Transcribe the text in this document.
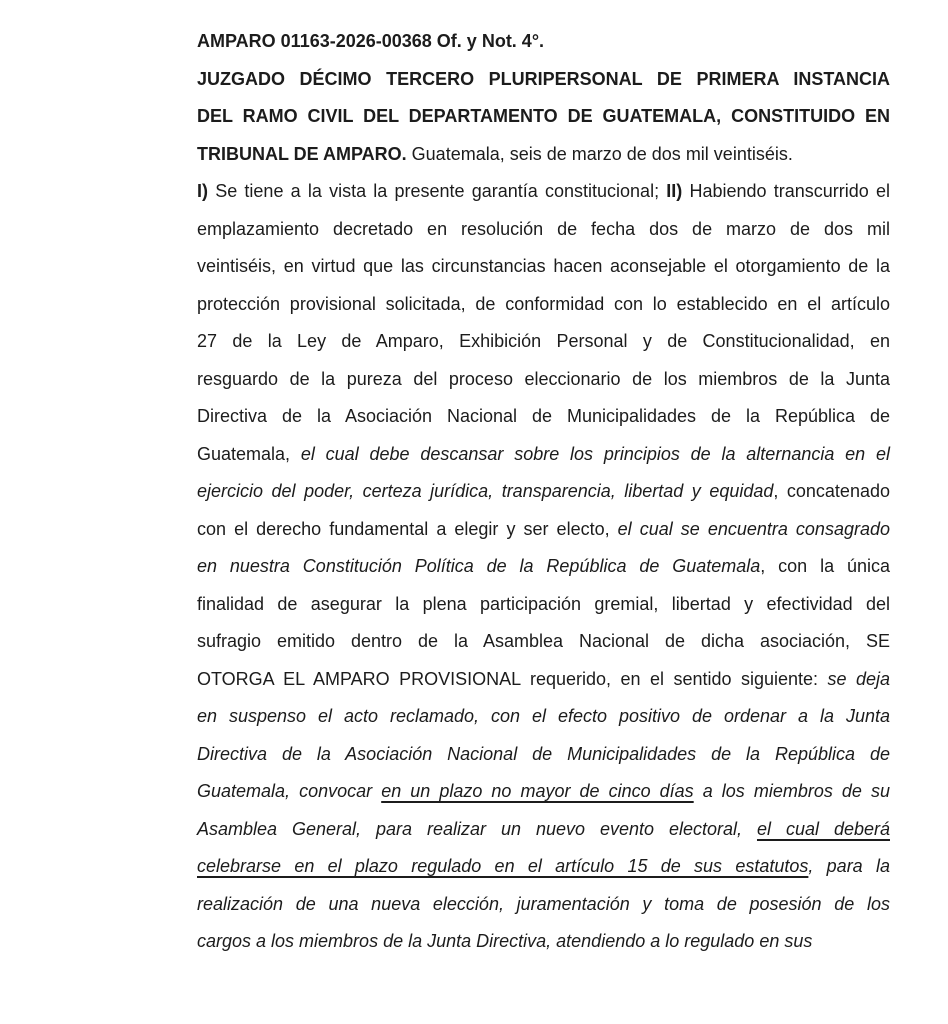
AMPARO 01163-2026-00368 Of. y Not. 4°.
JUZGADO DÉCIMO TERCERO PLURIPERSONAL DE PRIMERA INSTANCIA
DEL RAMO CIVIL DEL DEPARTAMENTO DE GUATEMALA, CONSTITUIDO EN
TRIBUNAL DE AMPARO. Guatemala, seis de marzo de dos mil veintiséis.
I) Se tiene a la vista la presente garantía constitucional; II) Habiendo transcurrido el
emplazamiento decretado en resolución de fecha dos de marzo de dos mil
veintiséis, en virtud que las circunstancias hacen aconsejable el otorgamiento de la
protección provisional solicitada, de conformidad con lo establecido en el artículo
27 de la Ley de Amparo, Exhibición Personal y de Constitucionalidad, en
resguardo de la pureza del proceso eleccionario de los miembros de la Junta
Directiva de la Asociación Nacional de Municipalidades de la República de
Guatemala, el cual debe descansar sobre los principios de la alternancia en el
ejercicio del poder, certeza jurídica, transparencia, libertad y equidad, concatenado
con el derecho fundamental a elegir y ser electo, el cual se encuentra consagrado
en nuestra Constitución Política de la República de Guatemala, con la única
finalidad de asegurar la plena participación gremial, libertad y efectividad del
sufragio emitido dentro de la Asamblea Nacional de dicha asociación, SE
OTORGA EL AMPARO PROVISIONAL requerido, en el sentido siguiente: se deja
en suspenso el acto reclamado, con el efecto positivo de ordenar a la Junta
Directiva de la Asociación Nacional de Municipalidades de la República de
Guatemala, convocar en un plazo no mayor de cinco días a los miembros de su
Asamblea General, para realizar un nuevo evento electoral, el cual deberá
celebrarse en el plazo regulado en el artículo 15 de sus estatutos, para la
realización de una nueva elección, juramentación y toma de posesión de los
cargos a los miembros de la Junta Directiva, atendiendo a lo regulado en sus
